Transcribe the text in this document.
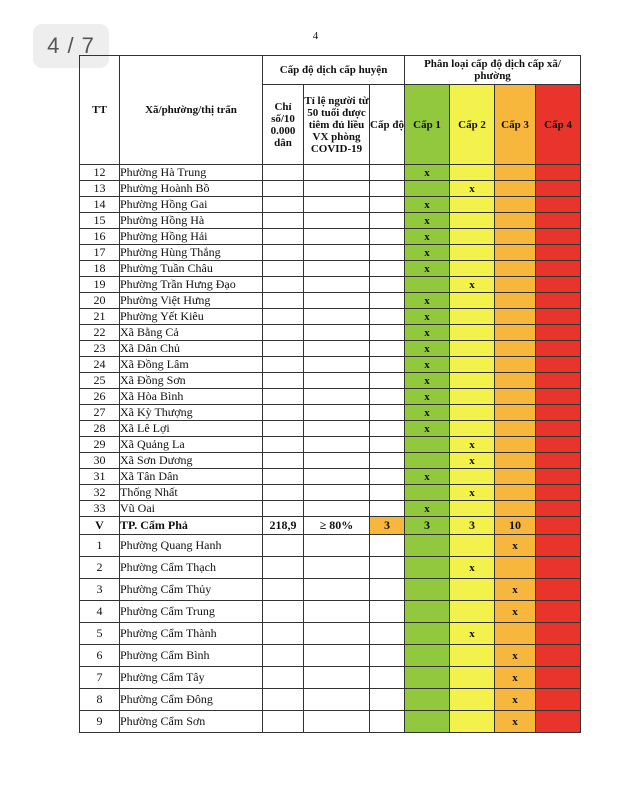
4 / 7	4
TT	Xã/phường/thị trấn	Cấp độ dịch cấp huyện			Phân loại cấp độ dịch cấp xã/ phường			
		Chỉ số/10 0.000 dân	Tỉ lệ người từ 50 tuổi được tiêm đủ liều VX phòng COVID-19	Cấp độ	Cấp 1	Cấp 2	Cấp 3	Cấp 4
12	Phường Hà Trung				x			
13	Phường Hoành Bồ					x		
14	Phường Hồng Gai				x			
15	Phường Hồng Hà				x			
16	Phường Hồng Hải				x			
17	Phường Hùng Thắng				x			
18	Phường Tuần Châu				x			
19	Phường Trần Hưng Đạo					x		
20	Phường Việt Hưng				x			
21	Phường Yết Kiêu				x			
22	Xã Bằng Cả				x			
23	Xã Dân Chủ				x			
24	Xã Đồng Lâm				x			
25	Xã Đồng Sơn				x			
26	Xã Hòa Bình				x			
27	Xã Kỳ Thượng				x			
28	Xã Lê Lợi				x			
29	Xã Quảng La					x		
30	Xã Sơn Dương					x		
31	Xã Tân Dân				x			
32	Thống Nhất					x		
33	Vũ Oai				x			
V	TP. Cẩm Phả	218,9	≥ 80%	3	3	3	10	
1	Phường Quang Hanh						x	
2	Phường Cẩm Thạch					x		
3	Phường Cẩm Thủy						x	
4	Phường Cẩm Trung						x	
5	Phường Cẩm Thành					x		
6	Phường Cẩm Bình						x	
7	Phường Cẩm Tây						x	
8	Phường Cẩm Đông						x	
9	Phường Cẩm Sơn						x	
